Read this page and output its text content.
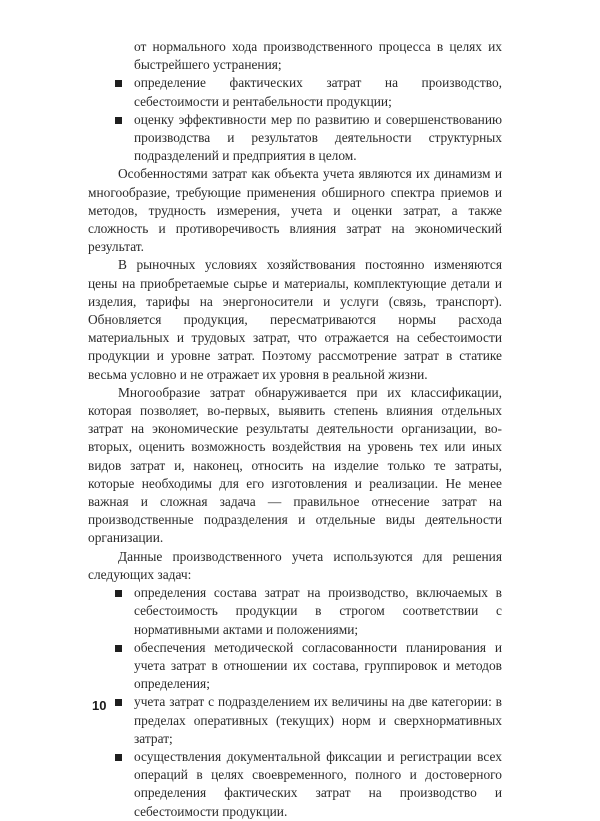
от нормального хода производственного процесса в целях их быстрейшего устранения;

определение фактических затрат на производство, себестоимости и рентабельности продукции;
оценку эффективности мер по развитию и совершенствованию производства и результатов деятельности структурных подразделений и предприятия в целом.

Особенностями затрат как объекта учета являются их динамизм и многообразие, требующие применения обширного спектра приемов и методов, трудность измерения, учета и оценки затрат, а также сложность и противоречивость влияния затрат на экономический результат.

В рыночных условиях хозяйствования постоянно изменяются цены на приобретаемые сырье и материалы, комплектующие детали и изделия, тарифы на энергоносители и услуги (связь, транспорт). Обновляется продукция, пересматриваются нормы расхода материальных и трудовых затрат, что отражается на себестоимости продукции и уровне затрат. Поэтому рассмотрение затрат в статике весьма условно и не отражает их уровня в реальной жизни.

Многообразие затрат обнаруживается при их классификации, которая позволяет, во-первых, выявить степень влияния отдельных затрат на экономические результаты деятельности организации, во-вторых, оценить возможность воздействия на уровень тех или иных видов затрат и, наконец, относить на изделие только те затраты, которые необходимы для его изготовления и реализации. Не менее важная и сложная задача — правильное отнесение затрат на производственные подразделения и отдельные виды деятельности организации.

Данные производственного учета используются для решения следующих задач:

определения состава затрат на производство, включаемых в себестоимость продукции в строгом соответствии с нормативными актами и положениями;
обеспечения методической согласованности планирования и учета затрат в отношении их состава, группировок и методов определения;
учета затрат с подразделением их величины на две категории: в пределах оперативных (текущих) норм и сверхнормативных затрат;
осуществления документальной фиксации и регистрации всех операций в целях своевременного, полного и достоверного определения фактических затрат на производство и себестоимости продукции.
10
